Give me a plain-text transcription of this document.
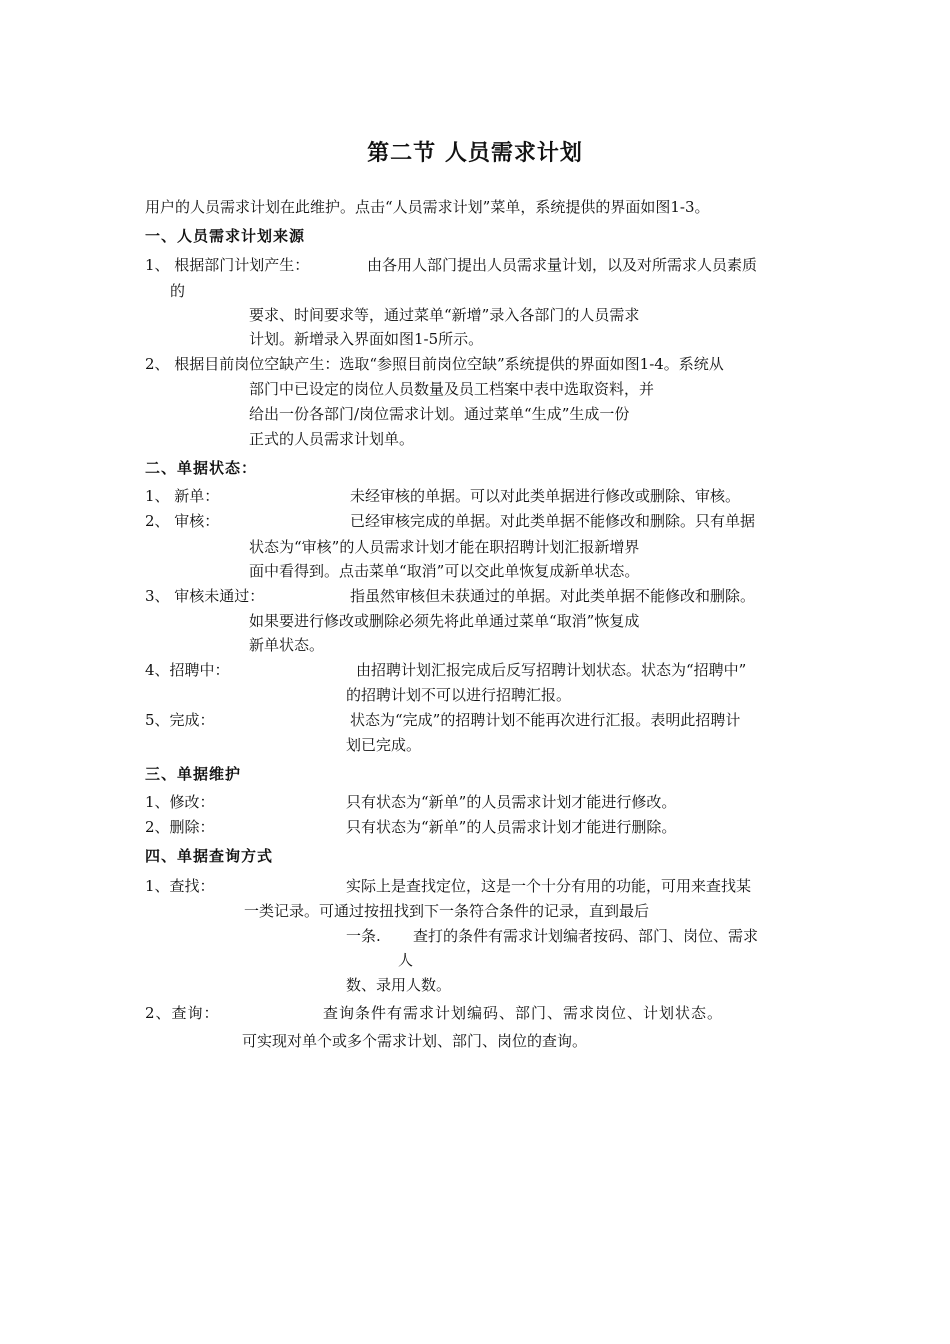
第二节 人员需求计划
用户的人员需求计划在此维护。点击“人员需求计划”菜单，系统提供的界面如图1-3。
一、人员需求计划来源
1、 根据部门计划产生：	由各用人部门提出人员需求量计划，以及对所需求人员素质
的
要求、时间要求等，通过菜单“新增”录入各部门的人员需求
计划。新增录入界面如图1-5所示。
2、 根据目前岗位空缺产生：选取“参照目前岗位空缺”系统提供的界面如图1-4。系统从
部门中已设定的岗位人员数量及员工档案中表中选取资料，并
给出一份各部门/岗位需求计划。通过菜单“生成”生成一份
正式的人员需求计划单。
二、单据状态：
1、 新单：	未经审核的单据。可以对此类单据进行修改或删除、审核。
2、 审核：	已经审核完成的单据。对此类单据不能修改和删除。只有单据
状态为“审核”的人员需求计划才能在职招聘计划汇报新增界
面中看得到。点击菜单“取消”可以交此单恢复成新单状态。
3、 审核未通过：	指虽然审核但未获通过的单据。对此类单据不能修改和删除。
如果要进行修改或删除必须先将此单通过菜单“取消”恢复成
新单状态。
4、招聘中：	由招聘计划汇报完成后反写招聘计划状态。状态为“招聘中”
的招聘计划不可以进行招聘汇报。
5、完成：	状态为“完成”的招聘计划不能再次进行汇报。表明此招聘计
划已完成。
三、单据维护
1、修改：	只有状态为“新单”的人员需求计划才能进行修改。
2、删除：	只有状态为“新单”的人员需求计划才能进行删除。
四、单据查询方式
1、查找：	实际上是查找定位，这是一个十分有用的功能，可用来查找某
一类记录。可通过按扭找到下一条符合条件的记录，直到最后
一条. 查打的条件有需求计划编者按码、部门、岗位、需求
人
数、录用人数。
2、查询：	查询条件有需求计划编码、部门、需求岗位、计划状态。
可实现对单个或多个需求计划、部门、岗位的查询。
